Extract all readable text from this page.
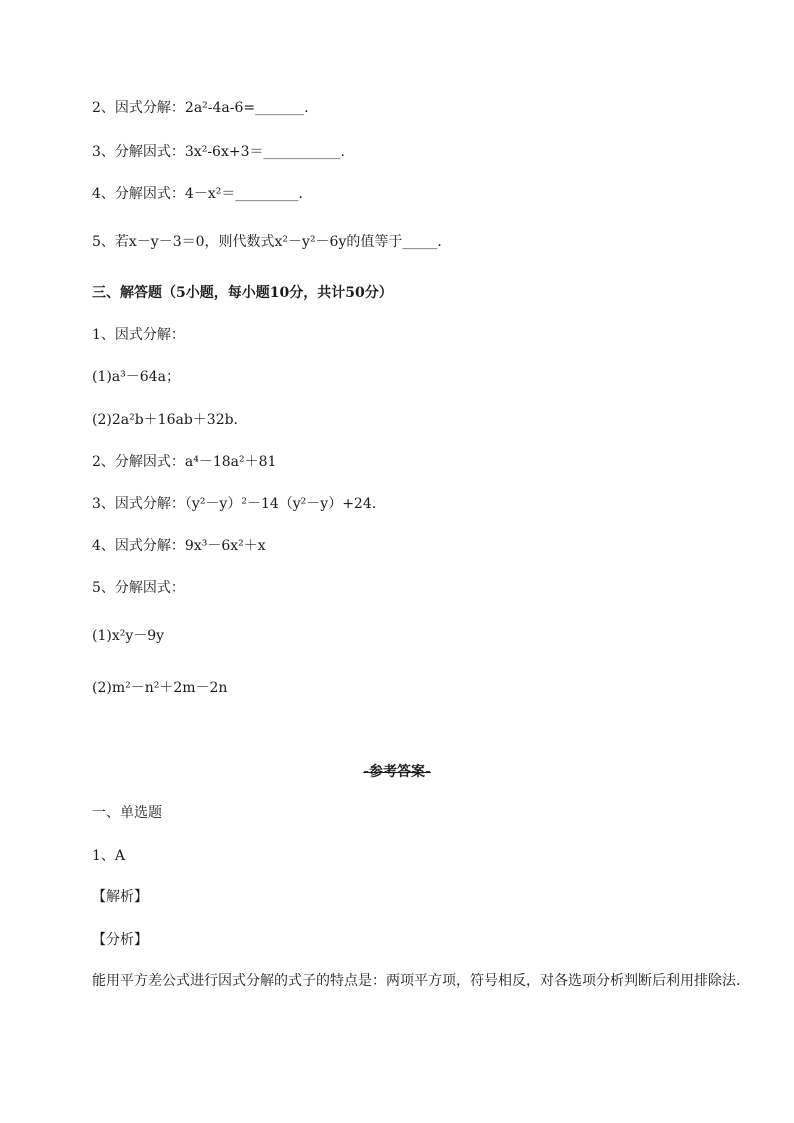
2、因式分解：2a²-4a-6=_______.
3、分解因式：3x²-6x+3＝___________.
4、分解因式：4－x²＝_________.
5、若x－y－3＝0，则代数式x²－y²－6y的值等于_____.
三、解答题（5小题，每小题10分，共计50分）
1、因式分解：
(1)a³－64a；
(2)2a²b＋16ab＋32b．
2、分解因式：a⁴－18a²＋81
3、因式分解：（y²－y）²－14（y²－y）+24.
4、因式分解：9x³－6x²＋x
5、分解因式：
(1)x²y－9y
(2)m²－n²＋2m－2n
-参考答案-
一、单选题
1、A
【解析】
【分析】
能用平方差公式进行因式分解的式子的特点是：两项平方项，符号相反，对各选项分析判断后利用排除法．
